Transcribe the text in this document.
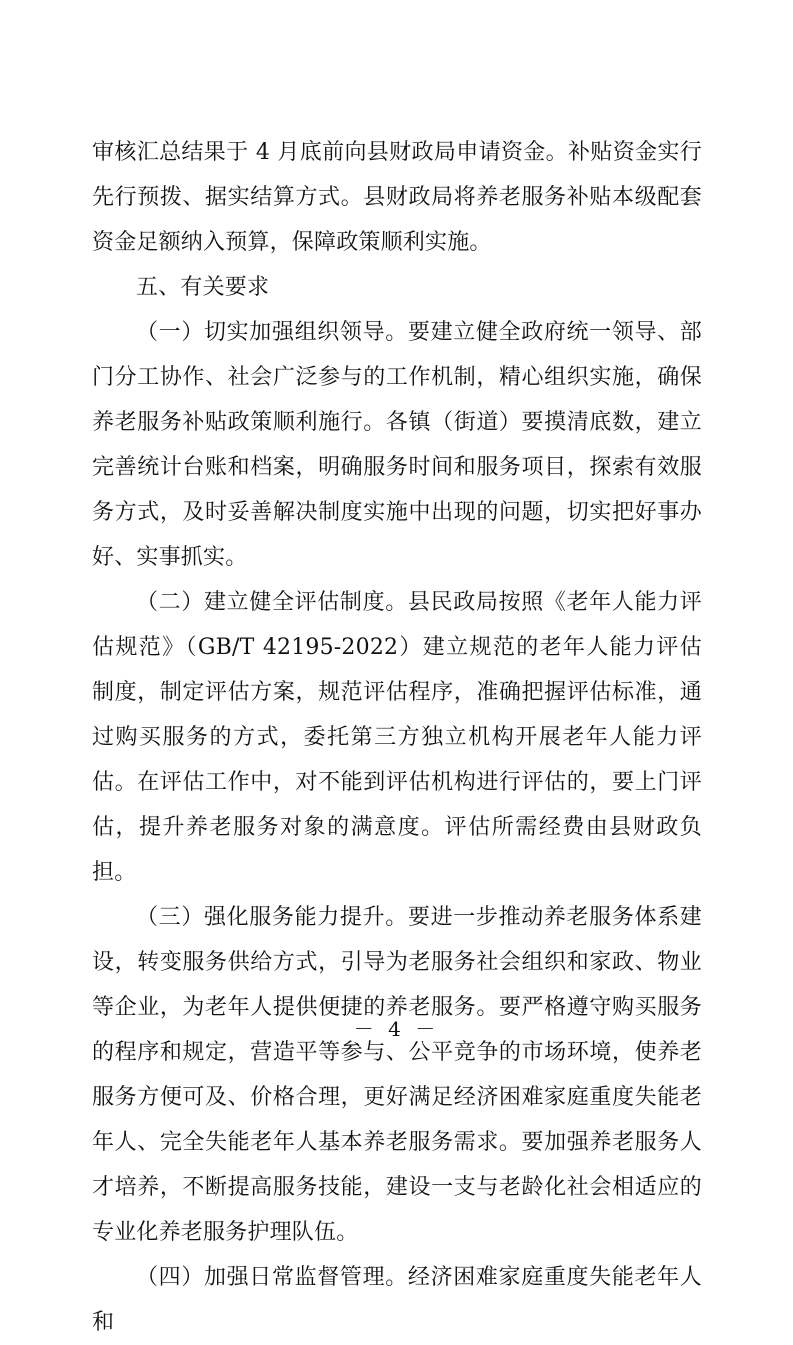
审核汇总结果于 4 月底前向县财政局申请资金。补贴资金实行先行预拨、据实结算方式。县财政局将养老服务补贴本级配套资金足额纳入预算，保障政策顺利实施。

五、有关要求

（一）切实加强组织领导。要建立健全政府统一领导、部门分工协作、社会广泛参与的工作机制，精心组织实施，确保养老服务补贴政策顺利施行。各镇（街道）要摸清底数，建立完善统计台账和档案，明确服务时间和服务项目，探索有效服务方式，及时妥善解决制度实施中出现的问题，切实把好事办好、实事抓实。

（二）建立健全评估制度。县民政局按照《老年人能力评估规范》（GB/T 42195-2022）建立规范的老年人能力评估制度，制定评估方案，规范评估程序，准确把握评估标准，通过购买服务的方式，委托第三方独立机构开展老年人能力评估。在评估工作中，对不能到评估机构进行评估的，要上门评估，提升养老服务对象的满意度。评估所需经费由县财政负担。

（三）强化服务能力提升。要进一步推动养老服务体系建设，转变服务供给方式，引导为老服务社会组织和家政、物业等企业，为老年人提供便捷的养老服务。要严格遵守购买服务的程序和规定，营造平等参与、公平竞争的市场环境，使养老服务方便可及、价格合理，更好满足经济困难家庭重度失能老年人、完全失能老年人基本养老服务需求。要加强养老服务人才培养，不断提高服务技能，建设一支与老龄化社会相适应的专业化养老服务护理队伍。

（四）加强日常监督管理。经济困难家庭重度失能老年人和

－ 4 －
